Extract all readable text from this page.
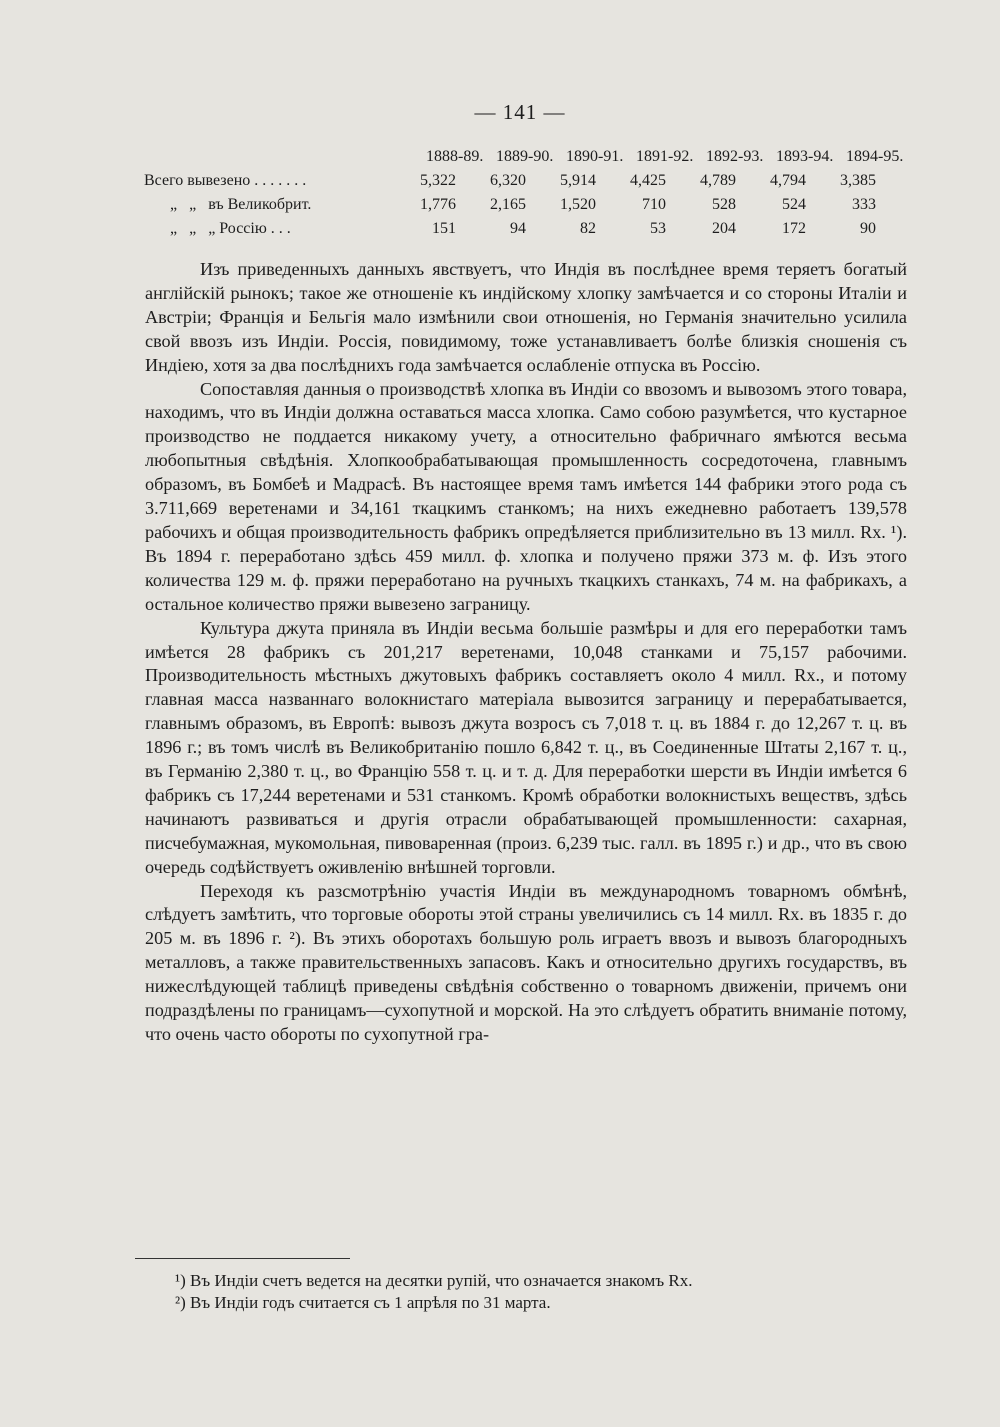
— 141 —
1888-89. 1889-90. 1890-91. 1891-92. 1892-93. 1893-94. 1894-95.
Всего вывезено . . . . . . .	5,322	6,320	5,914	4,425	4,789	4,794	3,385
„   „   въ Великобрит.	1,776	2,165	1,520	710	528	524	333
„   „   „ Россію . . .	151	94	82	53	204	172	90

Изъ приведенныхъ данныхъ явствуетъ, что Индія въ послѣднее время теряетъ богатый англійскій рынокъ; такое же отношеніе къ индійскому хлопку замѣчается и со стороны Италіи и Австріи; Франція и Бельгія мало измѣнили свои отношенія, но Германія значительно усилила свой ввозъ изъ Индіи. Россія, повидимому, тоже устанавливаетъ болѣе близкія сношенія съ Индіею, хотя за два послѣднихъ года замѣчается ослабленіе отпуска въ Россію.

Сопоставляя данныя о производствѣ хлопка въ Индіи со ввозомъ и вывозомъ этого товара, находимъ, что въ Индіи должна оставаться масса хлопка. Само собою разумѣется, что кустарное производство не поддается никакому учету, а относительно фабричнаго ямѣются весьма любопытныя свѣдѣнія. Хлопкообрабатывающая промышленность сосредоточена, главнымъ образомъ, въ Бомбеѣ и Мадрасѣ. Въ настоящее время тамъ имѣется 144 фабрики этого рода съ 3.711,669 веретенами и 34,161 ткацкимъ станкомъ; на нихъ ежедневно работаетъ 139,578 рабочихъ и общая производительность фабрикъ опредѣляется приблизительно въ 13 милл. Rx. ¹). Въ 1894 г. переработано здѣсь 459 милл. ф. хлопка и получено пряжи 373 м. ф. Изъ этого количества 129 м. ф. пряжи переработано на ручныхъ ткацкихъ станкахъ, 74 м. на фабрикахъ, а остальное количество пряжи вывезено заграницу.

Культура джута приняла въ Индіи весьма большіе размѣры и для его переработки тамъ имѣется 28 фабрикъ съ 201,217 веретенами, 10,048 станками и 75,157 рабочими. Производительность мѣстныхъ джутовыхъ фабрикъ составляетъ около 4 милл. Rx., и потому главная масса названнаго волокнистаго матеріала вывозится заграницу и перерабатывается, главнымъ образомъ, въ Европѣ: вывозъ джута возросъ съ 7,018 т. ц. въ 1884 г. до 12,267 т. ц. въ 1896 г.; въ томъ числѣ въ Великобританію пошло 6,842 т. ц., въ Соединенные Штаты 2,167 т. ц., въ Германію 2,380 т. ц., во Францію 558 т. ц. и т. д. Для переработки шерсти въ Индіи имѣется 6 фабрикъ съ 17,244 веретенами и 531 станкомъ. Кромѣ обработки волокнистыхъ веществъ, здѣсь начинаютъ развиваться и другія отрасли обрабатывающей промышленности: сахарная, писчебумажная, мукомольная, пивоваренная (произ. 6,239 тыс. галл. въ 1895 г.) и др., что въ свою очередь содѣйствуетъ оживленію внѣшней торговли.

Переходя къ разсмотрѣнію участія Индіи въ международномъ товарномъ обмѣнѣ, слѣдуетъ замѣтить, что торговые обороты этой страны увеличились съ 14 милл. Rx. въ 1835 г. до 205 м. въ 1896 г. ²). Въ этихъ оборотахъ большую роль играетъ ввозъ и вывозъ благородныхъ металловъ, а также правительственныхъ запасовъ. Какъ и относительно другихъ государствъ, въ нижеслѣдующей таблицѣ приведены свѣдѣнія собственно о товарномъ движеніи, причемъ они подраздѣлены по границамъ—сухопутной и морской. На это слѣдуетъ обратить вниманіе потому, что очень часто обороты по сухопутной гра-

¹) Въ Индіи счетъ ведется на десятки рупій, что означается знакомъ Rx.
²) Въ Индіи годъ считается съ 1 апрѣля по 31 марта.
